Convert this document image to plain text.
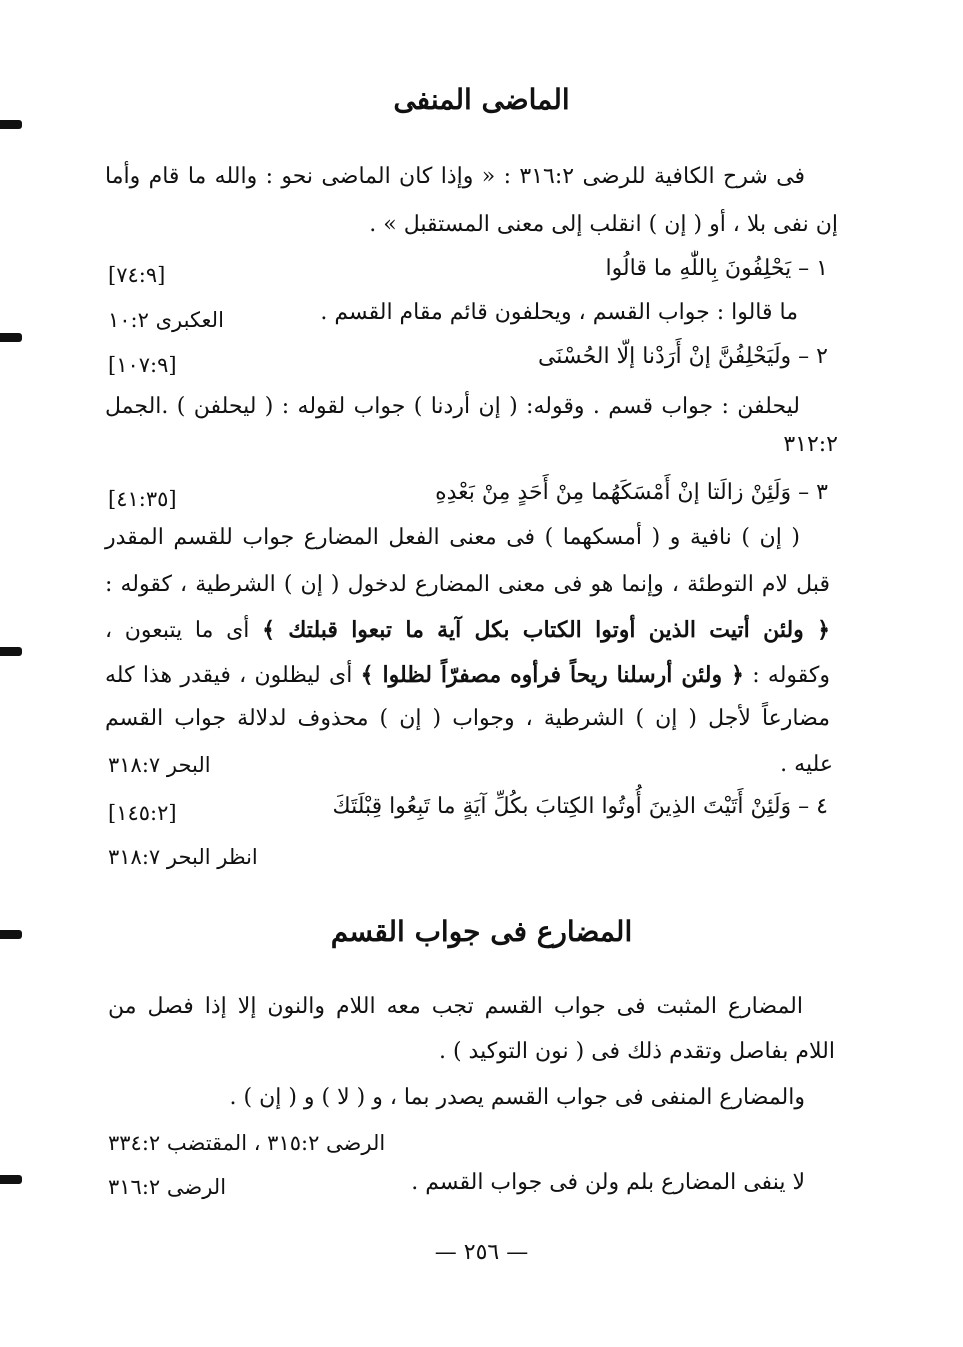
الماضى المنفى
فى شرح الكافية للرضى ٣١٦:٢ : « وإذا كان الماضى نحو : والله ما قام وأما
إن نفى بلا ، أو ( إن ) انقلب إلى معنى المستقبل » .
١ – يَحْلِفُونَ بِاللّٰهِ ما قالُوا
[٧٤:٩]
ما قالوا : جواب القسم ، ويحلفون قائم مقام القسم .
العكبرى ١٠:٢
٢ – ولَيَحْلِفُنَّ إنْ أَرَدْنا إلّا الحُسْنَى
[١٠٧:٩]
ليحلفن : جواب قسم . وقوله: ( إن أردنا ) جواب لقوله : ( ليحلفن ) .الجمل
٣١٢:٢
٣ – وَلَئِنْ زالَتا إنْ أَمْسَكَهُما مِنْ أَحَدٍ مِنْ بَعْدِهِ
[٤١:٣٥]
( إن ) نافية و ( أمسكهما ) فى معنى الفعل المضارع جواب للقسم المقدر
قبل لام التوطئة ، وإنما هو فى معنى المضارع لدخول ( إن ) الشرطية ، كقوله :
﴿ ولئن أتيت الذين أوتوا الكتاب بكل آية ما تبعوا قبلتك ﴾ أى ما يتبعون ،
وكقوله : ﴿ ولئن أرسلنا ريحاً فرأوه مصفرّاً لظلوا ﴾ أى ليظلون ، فيقدر هذا كله
مضارعاً لأجل ( إن ) الشرطية ، وجواب ( إن ) محذوف لدلالة جواب القسم
عليه .
البحر ٣١٨:٧
٤ – وَلَئِنْ أَتَيْتَ الذِينَ أُوتُوا الكِتابَ بكُلِّ آيَةٍ ما تَبِعُوا قِبْلَتَكَ
[١٤٥:٢]
انظر البحر ٣١٨:٧
المضارع فى جواب القسم
المضارع المثبت فى جواب القسم تجب معه اللام والنون إلا إذا فصل من
اللام بفاصل وتقدم ذلك فى ( نون التوكيد ) .
والمضارع المنفى فى جواب القسم يصدر بما ، و ( لا ) و ( إن ) .
الرضى ٣١٥:٢ ، المقتضب ٣٣٤:٢
لا ينفى المضارع بلم ولن فى جواب القسم .
الرضى ٣١٦:٢
— ٢٥٦ —
